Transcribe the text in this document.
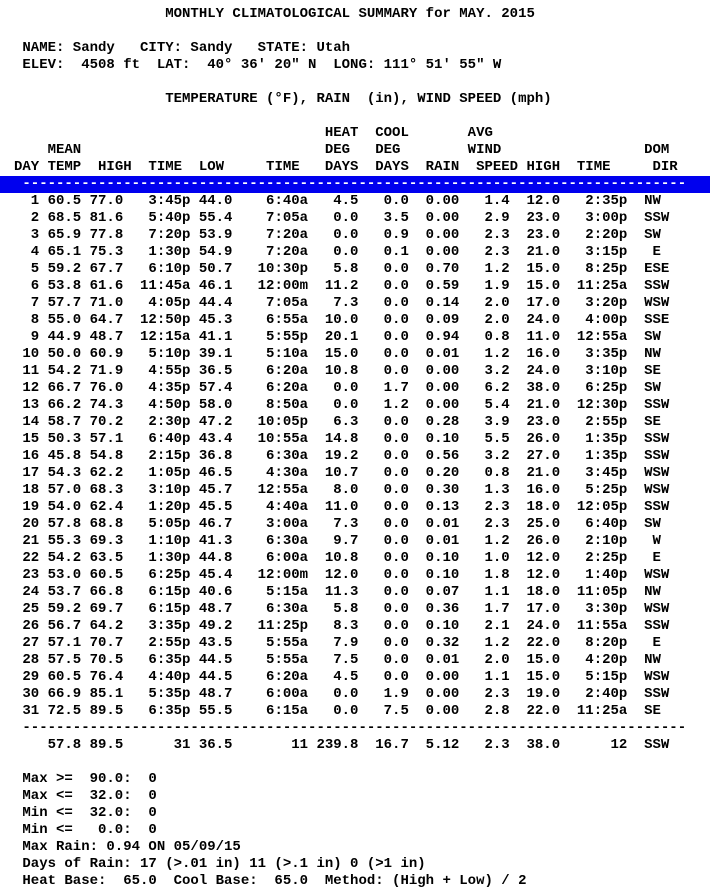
MONTHLY CLIMATOLOGICAL SUMMARY for MAY. 2015
NAME: Sandy   CITY: Sandy   STATE: Utah
ELEV:  4508 ft  LAT:  40° 36' 20" N  LONG: 111° 51' 55" W
TEMPERATURE (°F), RAIN  (in), WIND SPEED (mph)
HEAT  COOL       AVG
MEAN                             DEG   DEG        WIND                 DOM
DAY TEMP  HIGH  TIME  LOW     TIME   DAYS  DAYS  RAIN  SPEED HIGH  TIME     DIR
-------------------------------------------------------------------------------
1 60.5 77.0   3:45p 44.0    6:40a   4.5   0.0  0.00   1.4  12.0   2:35p  NW
2 68.5 81.6   5:40p 55.4    7:05a   0.0   3.5  0.00   2.9  23.0   3:00p  SSW
3 65.9 77.8   7:20p 53.9    7:20a   0.0   0.9  0.00   2.3  23.0   2:20p  SW
4 65.1 75.3   1:30p 54.9    7:20a   0.0   0.1  0.00   2.3  21.0   3:15p   E
5 59.2 67.7   6:10p 50.7   10:30p   5.8   0.0  0.70   1.2  15.0   8:25p  ESE
6 53.8 61.6  11:45a 46.1   12:00m  11.2   0.0  0.59   1.9  15.0  11:25a  SSW
7 57.7 71.0   4:05p 44.4    7:05a   7.3   0.0  0.14   2.0  17.0   3:20p  WSW
8 55.0 64.7  12:50p 45.3    6:55a  10.0   0.0  0.09   2.0  24.0   4:00p  SSE
9 44.9 48.7  12:15a 41.1    5:55p  20.1   0.0  0.94   0.8  11.0  12:55a  SW
10 50.0 60.9   5:10p 39.1    5:10a  15.0   0.0  0.01   1.2  16.0   3:35p  NW
11 54.2 71.9   4:55p 36.5    6:20a  10.8   0.0  0.00   3.2  24.0   3:10p  SE
12 66.7 76.0   4:35p 57.4    6:20a   0.0   1.7  0.00   6.2  38.0   6:25p  SW
13 66.2 74.3   4:50p 58.0    8:50a   0.0   1.2  0.00   5.4  21.0  12:30p  SSW
14 58.7 70.2   2:30p 47.2   10:05p   6.3   0.0  0.28   3.9  23.0   2:55p  SE
15 50.3 57.1   6:40p 43.4   10:55a  14.8   0.0  0.10   5.5  26.0   1:35p  SSW
16 45.8 54.8   2:15p 36.8    6:30a  19.2   0.0  0.56   3.2  27.0   1:35p  SSW
17 54.3 62.2   1:05p 46.5    4:30a  10.7   0.0  0.20   0.8  21.0   3:45p  WSW
18 57.0 68.3   3:10p 45.7   12:55a   8.0   0.0  0.30   1.3  16.0   5:25p  WSW
19 54.0 62.4   1:20p 45.5    4:40a  11.0   0.0  0.13   2.3  18.0  12:05p  SSW
20 57.8 68.8   5:05p 46.7    3:00a   7.3   0.0  0.01   2.3  25.0   6:40p  SW
21 55.3 69.3   1:10p 41.3    6:30a   9.7   0.0  0.01   1.2  26.0   2:10p   W
22 54.2 63.5   1:30p 44.8    6:00a  10.8   0.0  0.10   1.0  12.0   2:25p   E
23 53.0 60.5   6:25p 45.4   12:00m  12.0   0.0  0.10   1.8  12.0   1:40p  WSW
24 53.7 66.8   6:15p 40.6    5:15a  11.3   0.0  0.07   1.1  18.0  11:05p  NW
25 59.2 69.7   6:15p 48.7    6:30a   5.8   0.0  0.36   1.7  17.0   3:30p  WSW
26 56.7 64.2   3:35p 49.2   11:25p   8.3   0.0  0.10   2.1  24.0  11:55a  SSW
27 57.1 70.7   2:55p 43.5    5:55a   7.9   0.0  0.32   1.2  22.0   8:20p   E
28 57.5 70.5   6:35p 44.5    5:55a   7.5   0.0  0.01   2.0  15.0   4:20p  NW
29 60.5 76.4   4:40p 44.5    6:20a   4.5   0.0  0.00   1.1  15.0   5:15p  WSW
30 66.9 85.1   5:35p 48.7    6:00a   0.0   1.9  0.00   2.3  19.0   2:40p  SSW
31 72.5 89.5   6:35p 55.5    6:15a   0.0   7.5  0.00   2.8  22.0  11:25a  SE
-------------------------------------------------------------------------------
57.8 89.5      31 36.5       11 239.8  16.7  5.12   2.3  38.0      12  SSW
Max >=  90.0:  0
Max <=  32.0:  0
Min <=  32.0:  0
Min <=   0.0:  0
Max Rain: 0.94 ON 05/09/15
Days of Rain: 17 (>.01 in) 11 (>.1 in) 0 (>1 in)
Heat Base:  65.0  Cool Base:  65.0  Method: (High + Low) / 2
